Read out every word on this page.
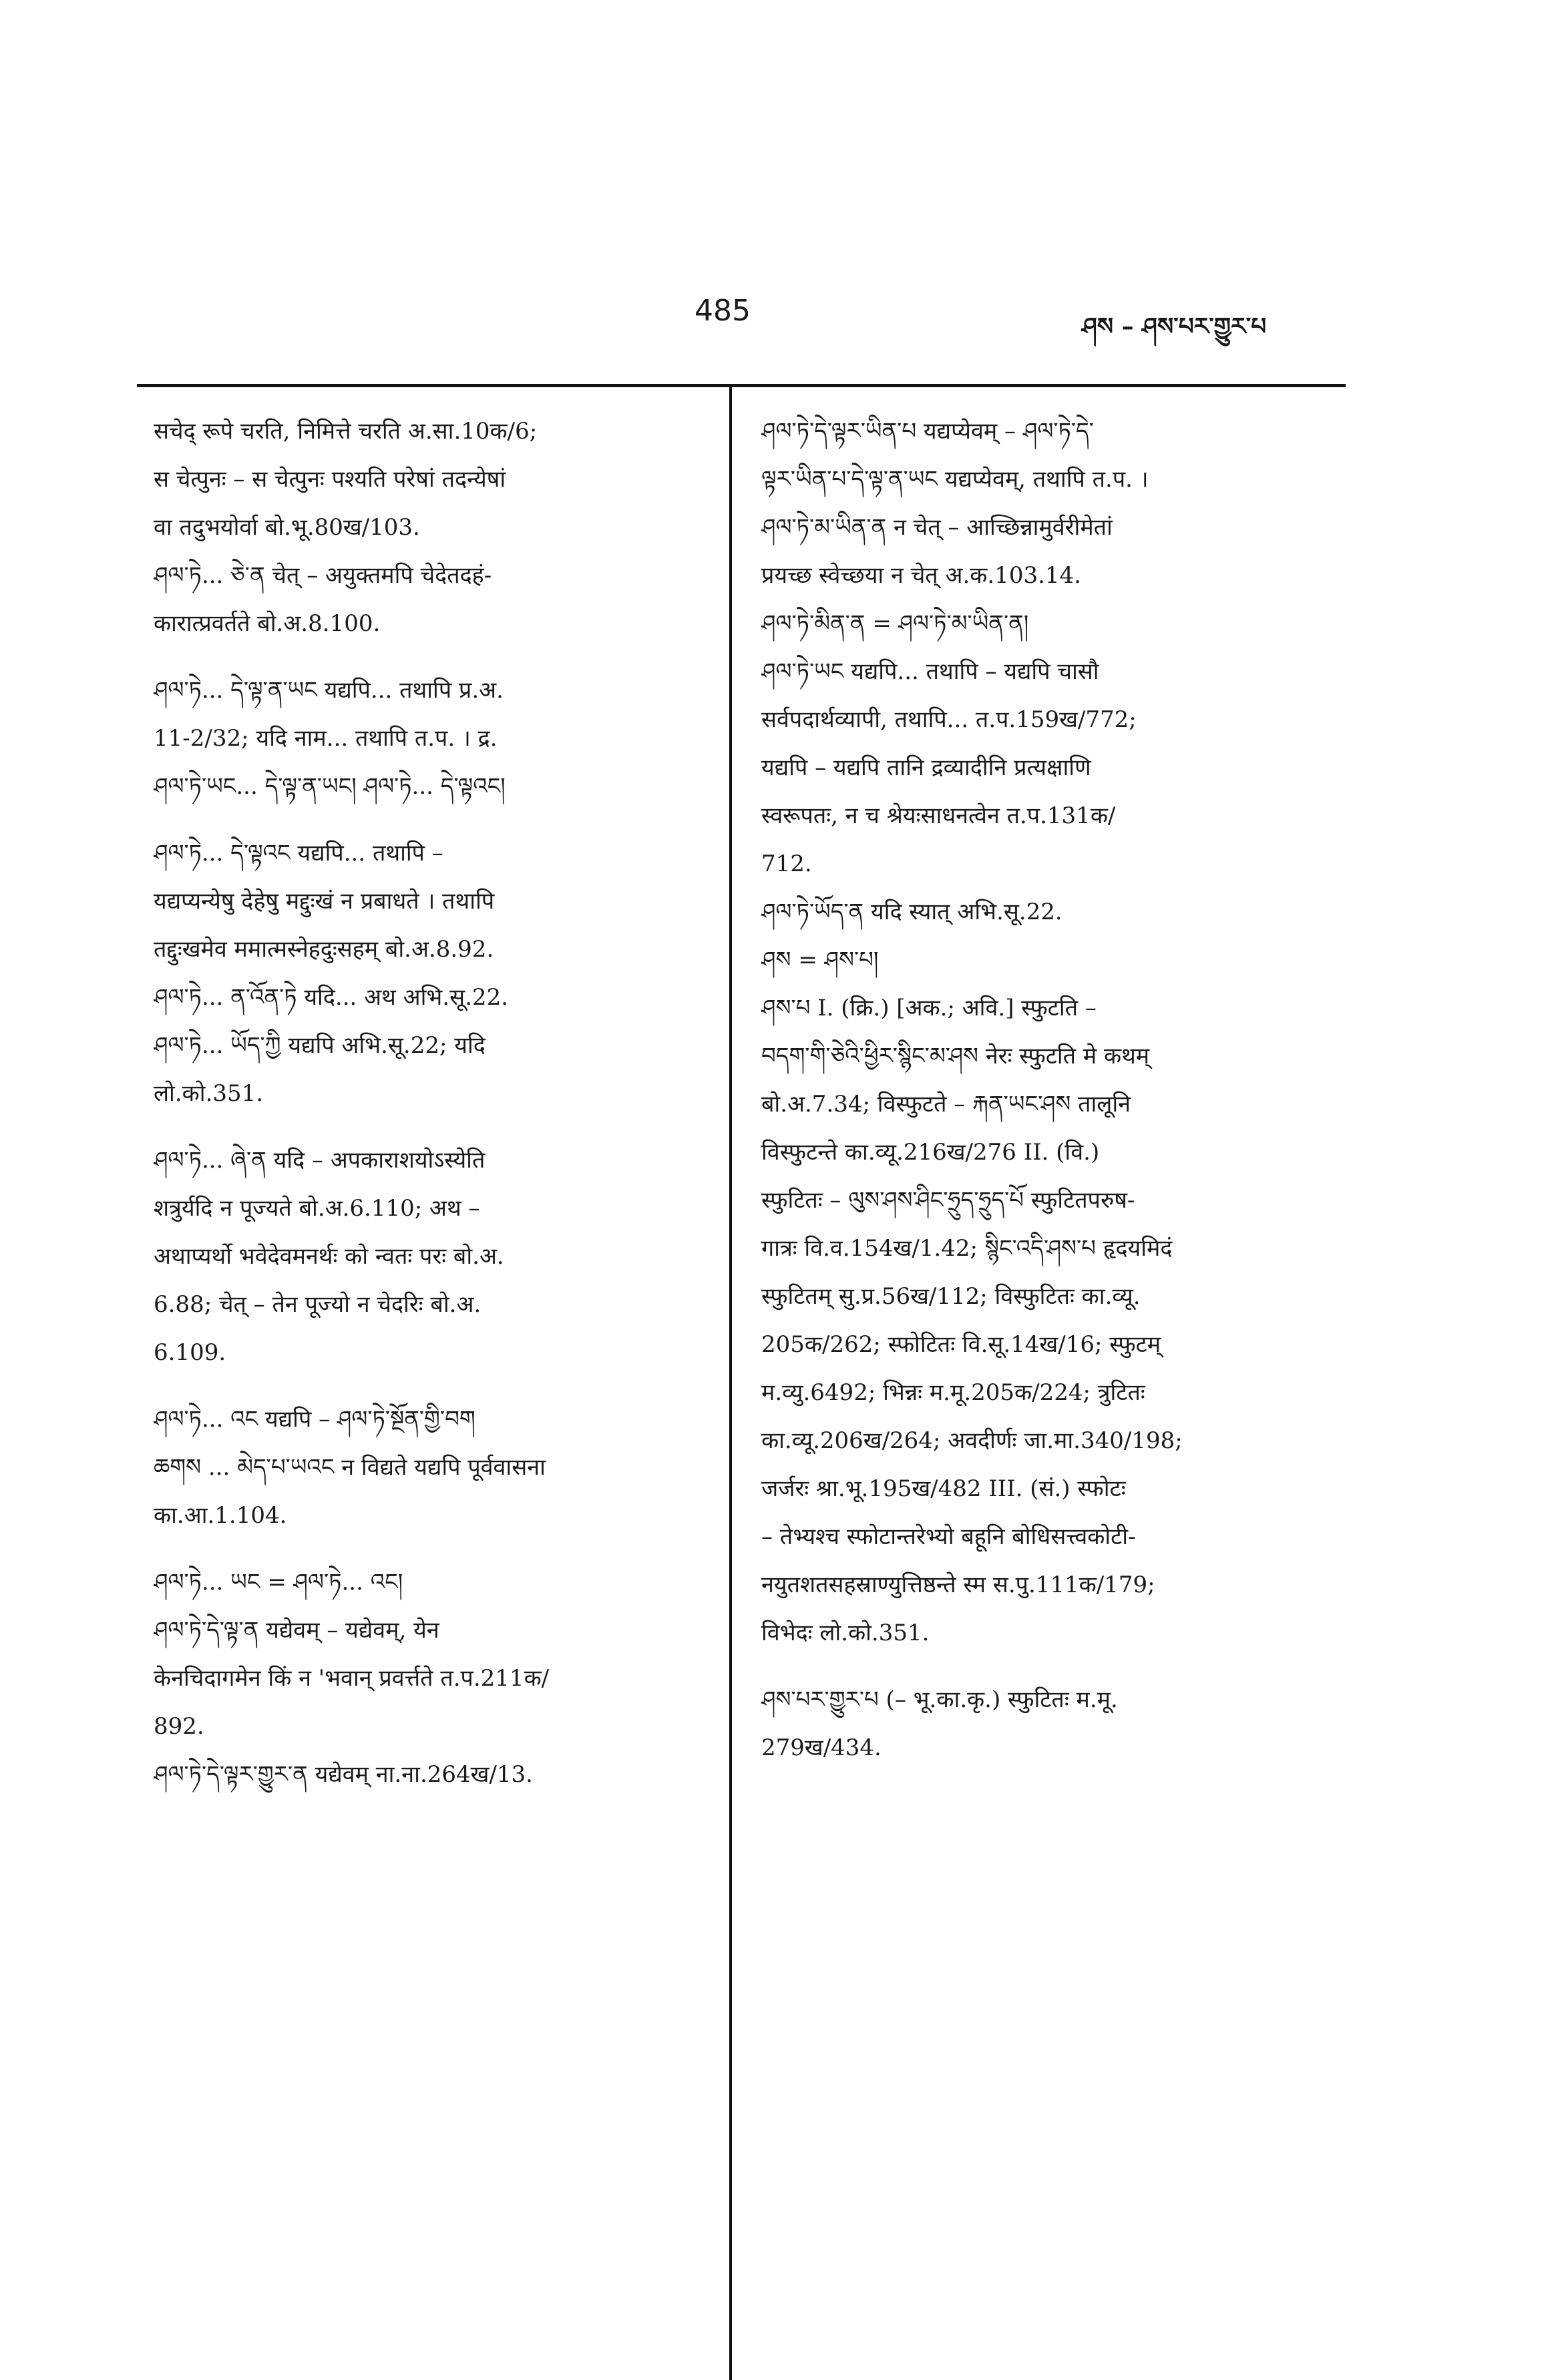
485	ཤས – ཤས་པར་གྱུར་པ
सचेद् रूपे चरति, निमित्ते चरति अ.सा.10क/6;
स चेत्पुनः – स चेत्पुनः पश्यति परेषां तदन्येषां
वा तदुभयोर्वा बो.भू.80ख/103.
ཤལ་ཏེ... ཅེ་ན चेत् – अयुक्तमपि चेदेतदहं-
कारात्प्रवर्तते बो.अ.8.100.
ཤལ་ཏེ... དེ་ལྟ་ན་ཡང यद्यपि... तथापि प्र.अ.
11-2/32; यदि नाम... तथापि त.प. । द्र.
ཤལ་ཏེ་ཡང... དེ་ལྟ་ན་ཡང། ཤལ་ཏེ... དེ་ལྟའང།
ཤལ་ཏེ... དེ་ལྟའང यद्यपि... तथापि –
यद्यप्यन्येषु देहेषु मद्दुःखं न प्रबाधते । तथापि
तद्दुःखमेव ममात्मस्नेहदुःसहम् बो.अ.8.92.
ཤལ་ཏེ... ན་འོན་ཏེ यदि... अथ अभि.सू.22.
ཤལ་ཏེ... ཡོད་ཀྱི यद्यपि अभि.सू.22; यदि
लो.को.351.
ཤལ་ཏེ... ཞེ་ན यदि – अपकाराशयोऽस्येति
शत्रुर्यदि न पूज्यते बो.अ.6.110; अथ –
अथाप्यर्थो भवेदेवमनर्थः को न्वतः परः बो.अ.
6.88; चेत् – तेन पूज्यो न चेदरिः बो.अ.
6.109.
ཤལ་ཏེ... འང यद्यपि – ཤལ་ཏེ་སྔོན་གྱི་བག
ཆགས ... མེད་པ་ཡའང न विद्यते यद्यपि पूर्ववासना
का.आ.1.104.
ཤལ་ཏེ... ཡང = ཤལ་ཏེ... འང།
ཤལ་ཏེ་དེ་ལྟ་ན यद्येवम् – यद्येवम्, येन
केनचिदागमेन किं न 'भवान् प्रवर्त्तते त.प.211क/
892.
ཤལ་ཏེ་དེ་ལྟར་གྱུར་ན यद्येवम् ना.ना.264ख/13.
ཤལ་ཏེ་དེ་ལྟར་ཡིན་པ यद्यप्येवम् – ཤལ་ཏེ་དེ་
ལྟར་ཡིན་པ་དེ་ལྟ་ན་ཡང यद्यप्येवम्, तथापि त.प. ।
ཤལ་ཏེ་མ་ཡིན་ན न चेत् – आच्छिन्नामुर्वरीमेतां
प्रयच्छ स्वेच्छया न चेत् अ.क.103.14.
ཤལ་ཏེ་མིན་ན = ཤལ་ཏེ་མ་ཡིན་ན།
ཤལ་ཏེ་ཡང यद्यपि... तथापि – यद्यपि चासौ
सर्वपदार्थव्यापी, तथापि... त.प.159ख/772;
यद्यपि – यद्यपि तानि द्रव्यादीनि प्रत्यक्षाणि
स्वरूपतः, न च श्रेयःसाधनत्वेन त.प.131क/
712.
ཤལ་ཏེ་ཡོད་ན यदि स्यात् अभि.सू.22.
ཤས = ཤས་པ།
ཤས་པ I. (क्रि.) [अक.; अवि.] स्फुटति –
བདག་གི་ཅེའི་ཕྱིར་སྙིང་མ་ཤས नेरः स्फुटति मे कथम्
बो.अ.7.34; विस्फुटते – རྐན་ཡང་ཤས तालूनि
विस्फुटन्ते का.व्यू.216ख/276 II. (वि.)
स्फुटितः – ལུས་ཤས་ཤིང་ཧྲུད་ཧྲུད་པོ स्फुटितपरुष-
गात्रः वि.व.154ख/1.42; སྙིང་འདི་ཤས་པ हृदयमिदं
स्फुटितम् सु.प्र.56ख/112; विस्फुटितः का.व्यू.
205क/262; स्फोटितः वि.सू.14ख/16; स्फुटम्
म.व्यु.6492; भिन्नः म.मू.205क/224; त्रुटितः
का.व्यू.206ख/264; अवदीर्णः जा.मा.340/198;
जर्जरः श्रा.भू.195ख/482 III. (सं.) स्फोटः
– तेभ्यश्च स्फोटान्तरेभ्यो बहूनि बोधिसत्त्वकोटी-
नयुतशतसहस्राण्युत्तिष्ठन्ते स्म स.पु.111क/179;
विभेदः लो.को.351.
ཤས་པར་གྱུར་པ (– भू.का.कृ.) स्फुटितः म.मू.
279ख/434.
